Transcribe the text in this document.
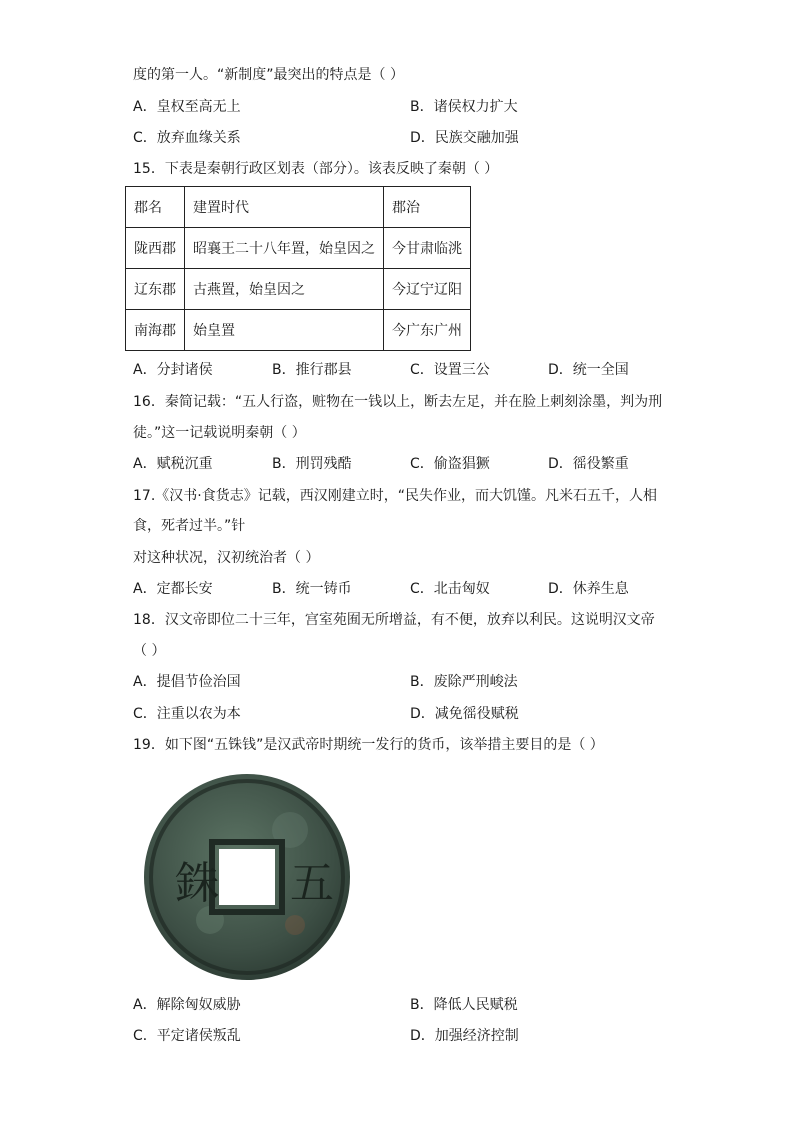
度的第一人。“新制度”最突出的特点是（ ）
A．皇权至高无上	B．诸侯权力扩大
C．放弃血缘关系	D．民族交融加强
15．下表是秦朝行政区划表（部分）。该表反映了秦朝（ ）
郡名	建置时代	郡治
陇西郡	昭襄王二十八年置，始皇因之	今甘肃临洮
辽东郡	古燕置，始皇因之	今辽宁辽阳
南海郡	始皇置	今广东广州
A．分封诸侯	B．推行郡县	C．设置三公	D．统一全国
16．秦简记载：“五人行盗，赃物在一钱以上，断去左足，并在脸上刺刻涂墨，判为刑
徒。”这一记载说明秦朝（ ）
A．赋税沉重	B．刑罚残酷	C．偷盗猖獗	D．徭役繁重
17.《汉书·食货志》记载，西汉刚建立时，“民失作业，而大饥馑。凡米石五千，人相
食，死者过半。”针
对这种状况，汉初统治者（ ）
A．定都长安	B．统一铸币	C．北击匈奴	D．休养生息
18．汉文帝即位二十三年，宫室苑囿无所增益，有不便，放弃以利民。这说明汉文帝
（ ）
A．提倡节俭治国	B．废除严刑峻法
C．注重以农为本	D．减免徭役赋税
19．如下图“五铢钱”是汉武帝时期统一发行的货币，该举措主要目的是（ ）
銖 五
A．解除匈奴威胁	B．降低人民赋税
C．平定诸侯叛乱	D．加强经济控制
